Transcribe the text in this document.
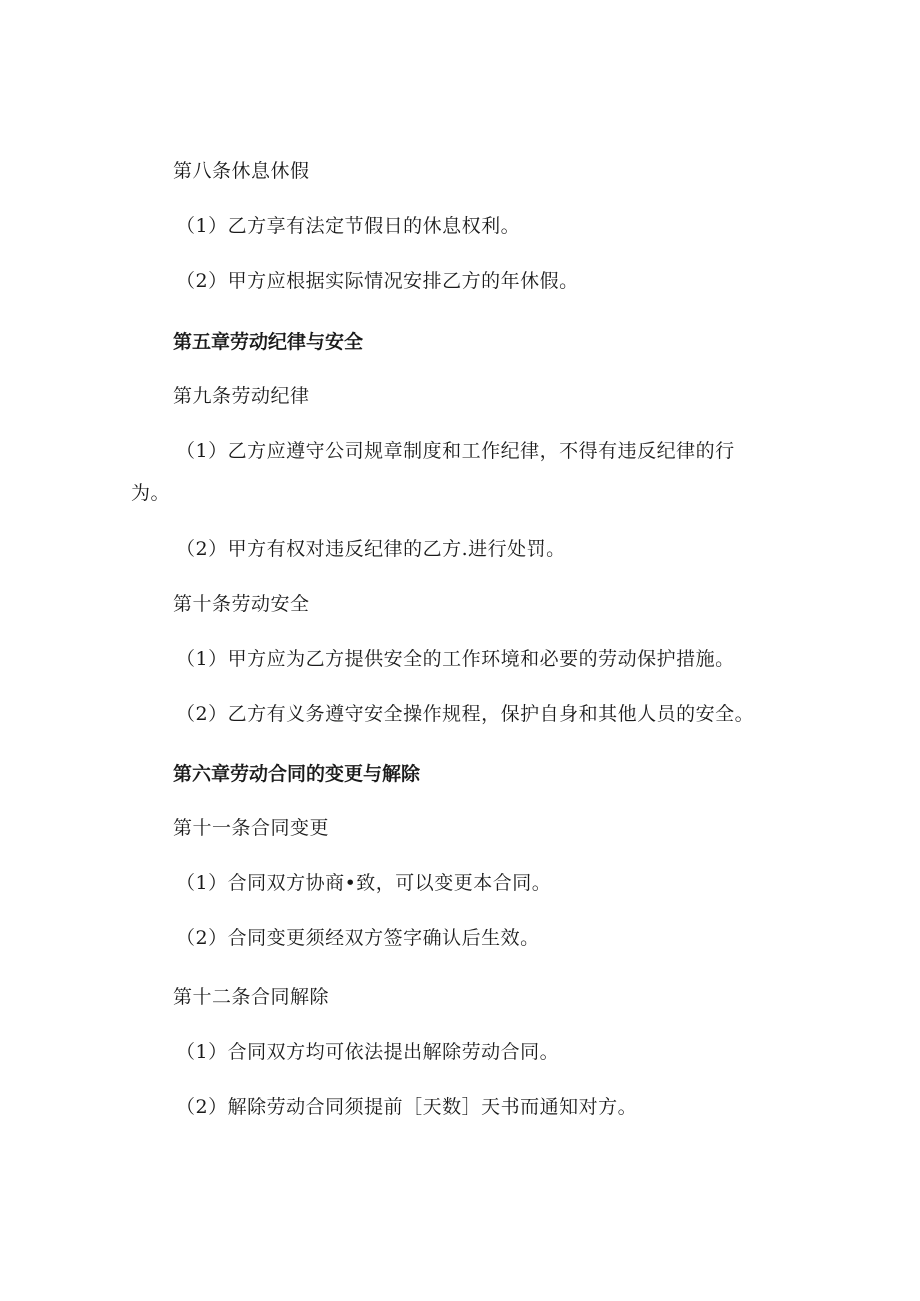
第八条休息休假
（1）乙方享有法定节假日的休息权利。
（2）甲方应根据实际情况安排乙方的年休假。
第五章劳动纪律与安全
第九条劳动纪律
（1）乙方应遵守公司规章制度和工作纪律，不得有违反纪律的行
为。
（2）甲方有权对违反纪律的乙方.进行处罚。
第十条劳动安全
（1）甲方应为乙方提供安全的工作环境和必要的劳动保护措施。
（2）乙方有义务遵守安全操作规程，保护自身和其他人员的安全。
第六章劳动合同的变更与解除
第十一条合同变更
（1）合同双方协商•致，可以变更本合同。
（2）合同变更须经双方签字确认后生效。
第十二条合同解除
（1）合同双方均可依法提出解除劳动合同。
（2）解除劳动合同须提前［天数］天书而通知对方。
